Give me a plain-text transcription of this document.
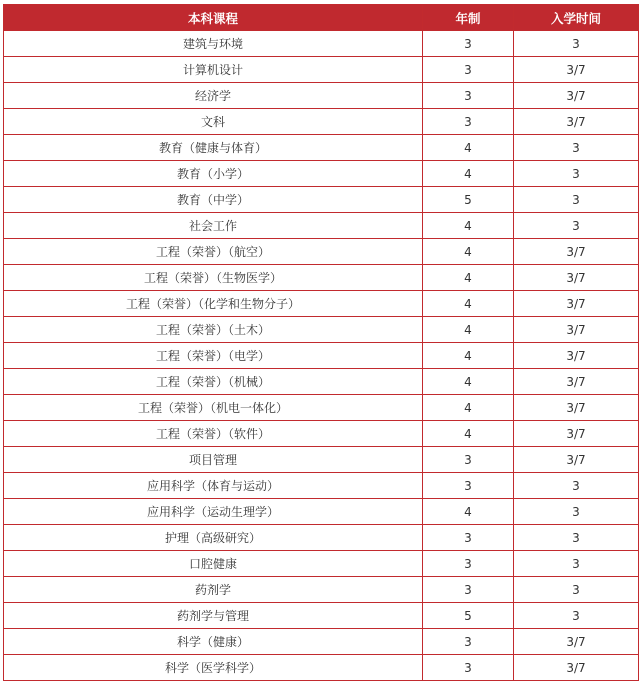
本科课程	年制	入学时间
建筑与环境	3	3
计算机设计	3	3/7
经济学	3	3/7
文科	3	3/7
教育（健康与体育）	4	3
教育（小学）	4	3
教育（中学）	5	3
社会工作	4	3
工程（荣誉）（航空）	4	3/7
工程（荣誉）（生物医学）	4	3/7
工程（荣誉）（化学和生物分子）	4	3/7
工程（荣誉）（土木）	4	3/7
工程（荣誉）（电学）	4	3/7
工程（荣誉）（机械）	4	3/7
工程（荣誉）（机电一体化）	4	3/7
工程（荣誉）（软件）	4	3/7
项目管理	3	3/7
应用科学（体育与运动）	3	3
应用科学（运动生理学）	4	3
护理（高级研究）	3	3
口腔健康	3	3
药剂学	3	3
药剂学与管理	5	3
科学（健康）	3	3/7
科学（医学科学）	3	3/7
